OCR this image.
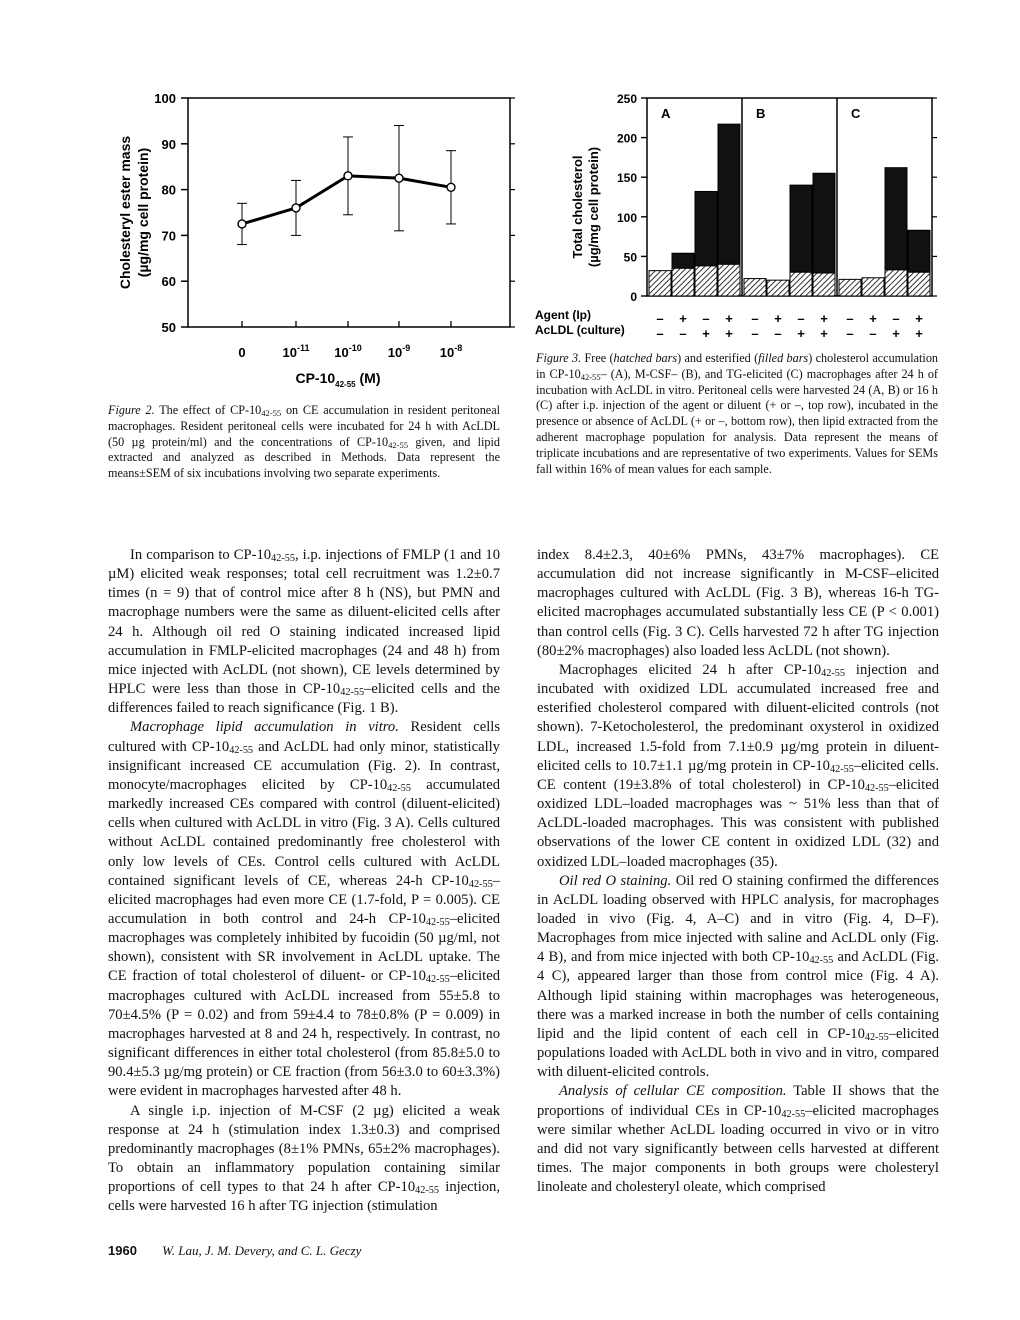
50
60
70
80
90
100
0	$10^{-11}$ $10^{-10}$ $10^{-9}$ $10^{-8}$
$CP-10_{42-55}$ (M)
Cholesteryl ester mass (µg/mg cell protein)
Figure 2. The effect of $CP-10_{42-55}$ on CE accumulation in resident peritoneal macrophages. Resident peritoneal cells were incubated for 24 h with AcLDL (50 µg protein/ml) and the concentrations of $CP-10_{42-55}$ given, and lipid extracted and analyzed as described in Methods. Data represent the means±SEM of six incubations involving two separate experiments.
0
50
100
150
200
250
Total cholesterol (µg/mg cell protein)
A
–
–
+
–
–
+
+
+
B
–
–
+
–
–
+
+
+
C
–
–
+
–
–
+
+
+
Agent (Ip)
AcLDL (culture)
Figure 3. Free (hatched bars) and esterified (filled bars) cholesterol accumulation in $CP-10_{42-55}-$ (A), M-CSF– (B), and TG-elicited (C) macrophages after 24 h of incubation with AcLDL in vitro. Peritoneal cells were harvested 24 (A, B) or 16 h (C) after i.p. injection of the agent or diluent (+ or –, top row), incubated in the presence or absence of AcLDL (+ or –, bottom row), then lipid extracted from the adherent macrophage population for analysis. Data represent the means of triplicate incubations and are representative of two experiments. Values for SEMs fall within 16% of mean values for each sample.

In comparison to $CP-10_{42-55}$, i.p. injections of FMLP (1 and 10 µM) elicited weak responses; total cell recruitment was 1.2±0.7 times (n = 9) that of control mice after 8 h (NS), but PMN and macrophage numbers were the same as diluent-elicited cells after 24 h. Although oil red O staining indicated increased lipid accumulation in FMLP-elicited macrophages (24 and 48 h) from mice injected with AcLDL (not shown), CE levels determined by HPLC were less than those in $CP-10_{42-55}$–elicited cells and the differences failed to reach significance (Fig. 1 B).

Macrophage lipid accumulation in vitro. Resident cells cultured with $CP-10_{42-55}$ and AcLDL had only minor, statistically insignificant increased CE accumulation (Fig. 2). In contrast, monocyte/macrophages elicited by $CP-10_{42-55}$ accumulated markedly increased CEs compared with control (diluent-elicited) cells when cultured with AcLDL in vitro (Fig. 3 A). Cells cultured without AcLDL contained predominantly free cholesterol with only low levels of CEs. Control cells cultured with AcLDL contained significant levels of CE, whereas 24-h $CP-10_{42-55}$–elicited macrophages had even more CE (1.7-fold, P = 0.005). CE accumulation in both control and 24-h $CP-10_{42-55}$–elicited macrophages was completely inhibited by fucoidin (50 µg/ml, not shown), consistent with SR involvement in AcLDL uptake. The CE fraction of total cholesterol of diluent- or $CP-10_{42-55}$–elicited macrophages cultured with AcLDL increased from 55±5.8 to 70±4.5% (P = 0.02) and from 59±4.4 to 78±0.8% (P = 0.009) in macrophages harvested at 8 and 24 h, respectively. In contrast, no significant differences in either total cholesterol (from 85.8±5.0 to 90.4±5.3 µg/mg protein) or CE fraction (from 56±3.0 to 60±3.3%) were evident in macrophages harvested after 48 h.

A single i.p. injection of M-CSF (2 µg) elicited a weak response at 24 h (stimulation index 1.3±0.3) and comprised predominantly macrophages (8±1% PMNs, 65±2% macrophages). To obtain an inflammatory population containing similar proportions of cell types to that 24 h after $CP-10_{42-55}$ injection, cells were harvested 16 h after TG injection (stimulation

index 8.4±2.3, 40±6% PMNs, 43±7% macrophages). CE accumulation did not increase significantly in M-CSF–elicited macrophages cultured with AcLDL (Fig. 3 B), whereas 16-h TG-elicited macrophages accumulated substantially less CE (P < 0.001) than control cells (Fig. 3 C). Cells harvested 72 h after TG injection (80±2% macrophages) also loaded less AcLDL (not shown).

Macrophages elicited 24 h after $CP-10_{42-55}$ injection and incubated with oxidized LDL accumulated increased free and esterified cholesterol compared with diluent-elicited controls (not shown). 7-Ketocholesterol, the predominant oxysterol in oxidized LDL, increased 1.5-fold from 7.1±0.9 µg/mg protein in diluent-elicited cells to 10.7±1.1 µg/mg protein in $CP-10_{42-55}$–elicited cells. CE content (19±3.8% of total cholesterol) in $CP-10_{42-55}$–elicited oxidized LDL–loaded macrophages was ~ 51% less than that of AcLDL-loaded macrophages. This was consistent with published observations of the lower CE content in oxidized LDL (32) and oxidized LDL–loaded macrophages (35).

Oil red O staining. Oil red O staining confirmed the differences in AcLDL loading observed with HPLC analysis, for macrophages loaded in vivo (Fig. 4, A–C) and in vitro (Fig. 4, D–F). Macrophages from mice injected with saline and AcLDL only (Fig. 4 B), and from mice injected with both $CP-10_{42-55}$ and AcLDL (Fig. 4 C), appeared larger than those from control mice (Fig. 4 A). Although lipid staining within macrophages was heterogeneous, there was a marked increase in both the number of cells containing lipid and the lipid content of each cell in $CP-10_{42-55}$–elicited populations loaded with AcLDL both in vivo and in vitro, compared with diluent-elicited controls.

Analysis of cellular CE composition. Table II shows that the proportions of individual CEs in $CP-10_{42-55}$–elicited macrophages were similar whether AcLDL loading occurred in vivo or in vitro and did not vary significantly between cells harvested at different times. The major components in both groups were cholesteryl linoleate and cholesteryl oleate, which comprised

1960 W. Lau, J. M. Devery, and C. L. Geczy
